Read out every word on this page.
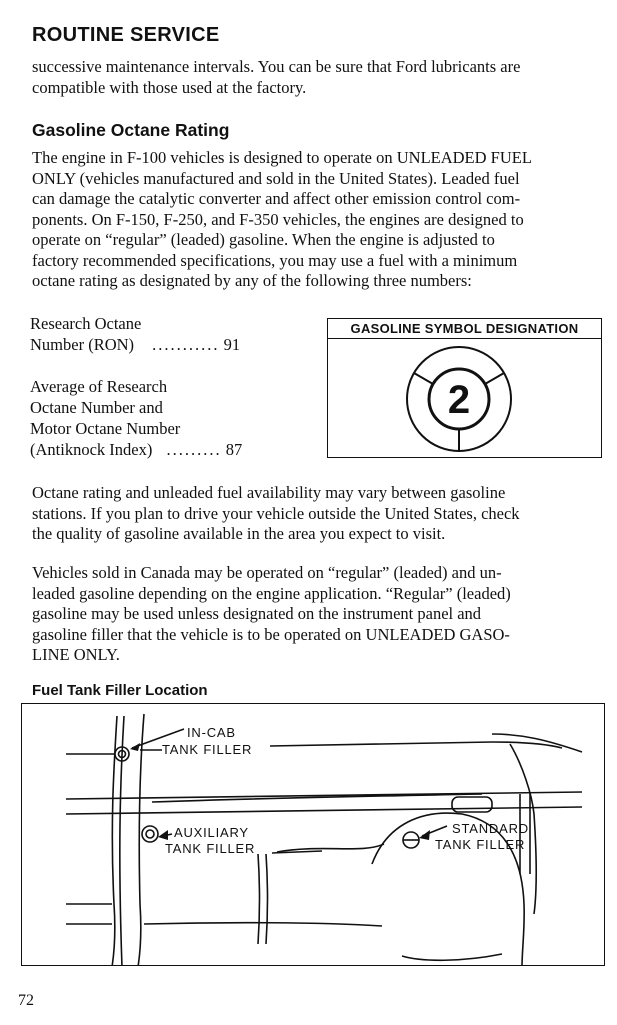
ROUTINE SERVICE

successive maintenance intervals. You can be sure that Ford lubricants are
compatible with those used at the factory.

Gasoline Octane Rating

The engine in F-100 vehicles is designed to operate on UNLEADED FUEL
ONLY (vehicles manufactured and sold in the United States). Leaded fuel
can damage the catalytic converter and affect other emission control com-
ponents. On F-150, F-250, and F-350 vehicles, the engines are designed to
operate on “regular” (leaded) gasoline. When the engine is adjusted to
factory recommended specifications, you may use a fuel with a minimum
octane rating as designated by any of the following three numbers:

Research Octane
Number (RON) ........... 91
Average of Research
Octane Number and
Motor Octane Number
(Antiknock Index) ......... 87
GASOLINE SYMBOL DESIGNATION
2

Octane rating and unleaded fuel availability may vary between gasoline
stations. If you plan to drive your vehicle outside the United States, check
the quality of gasoline available in the area you expect to visit.

Vehicles sold in Canada may be operated on “regular” (leaded) and un-
leaded gasoline depending on the engine application. “Regular” (leaded)
gasoline may be used unless designated on the instrument panel and
gasoline filler that the vehicle is to be operated on UNLEADED GASO-
LINE ONLY.

Fuel Tank Filler Location
IN-CAB
TANK FILLER
AUXILIARY
TANK FILLER
STANDARD
TANK FILLER
72
